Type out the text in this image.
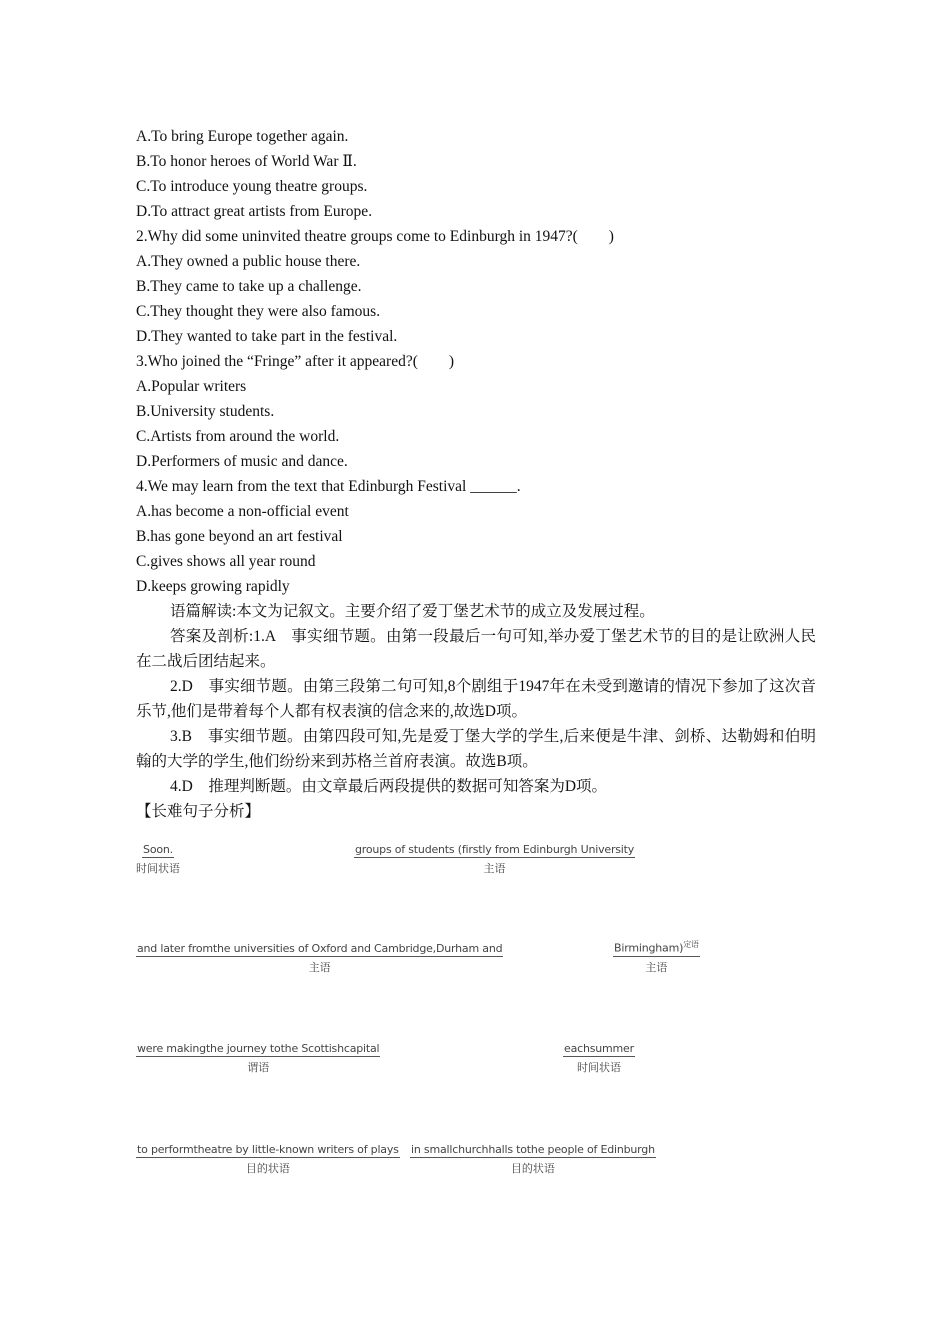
A.To bring Europe together again.
B.To honor heroes of World War Ⅱ.
C.To introduce young theatre groups.
D.To attract great artists from Europe.
2.Why did some uninvited theatre groups come to Edinburgh in 1947?(　　)
A.They owned a public house there.
B.They came to take up a challenge.
C.They thought they were also famous.
D.They wanted to take part in the festival.
3.Who joined the “Fringe” after it appeared?(　　)
A.Popular writers
B.University students.
C.Artists from around the world.
D.Performers of music and dance.
4.We may learn from the text that Edinburgh Festival ______.
A.has become a non-official event
B.has gone beyond an art festival
C.gives shows all year round
D.keeps growing rapidly
语篇解读:本文为记叙文。主要介绍了爱丁堡艺术节的成立及发展过程。
答案及剖析:1.A　事实细节题。由第一段最后一句可知,举办爱丁堡艺术节的目的是让欧洲人民在二战后团结起来。
2.D　事实细节题。由第三段第二句可知,8个剧组于1947年在未受到邀请的情况下参加了这次音乐节,他们是带着每个人都有权表演的信念来的,故选D项。
3.B　事实细节题。由第四段可知,先是爱丁堡大学的学生,后来便是牛津、剑桥、达勒姆和伯明翰的大学的学生,他们纷纷来到苏格兰首府表演。故选B项。
4.D　推理判断题。由文章最后两段提供的数据可知答案为D项。
【长难句子分析】
Soon.
时间状语
groups of students (firstly from Edinburgh University
主语
and later fromthe universities of Oxford and Cambridge,Durham and
主语
Birmingham)$^{定语}$
主语
were makingthe journey tothe Scottishcapital
谓语
eachsummer
时间状语
to performtheatre by little-known writers of plays
目的状语
in smallchurchhalls tothe people of Edinburgh
目的状语
